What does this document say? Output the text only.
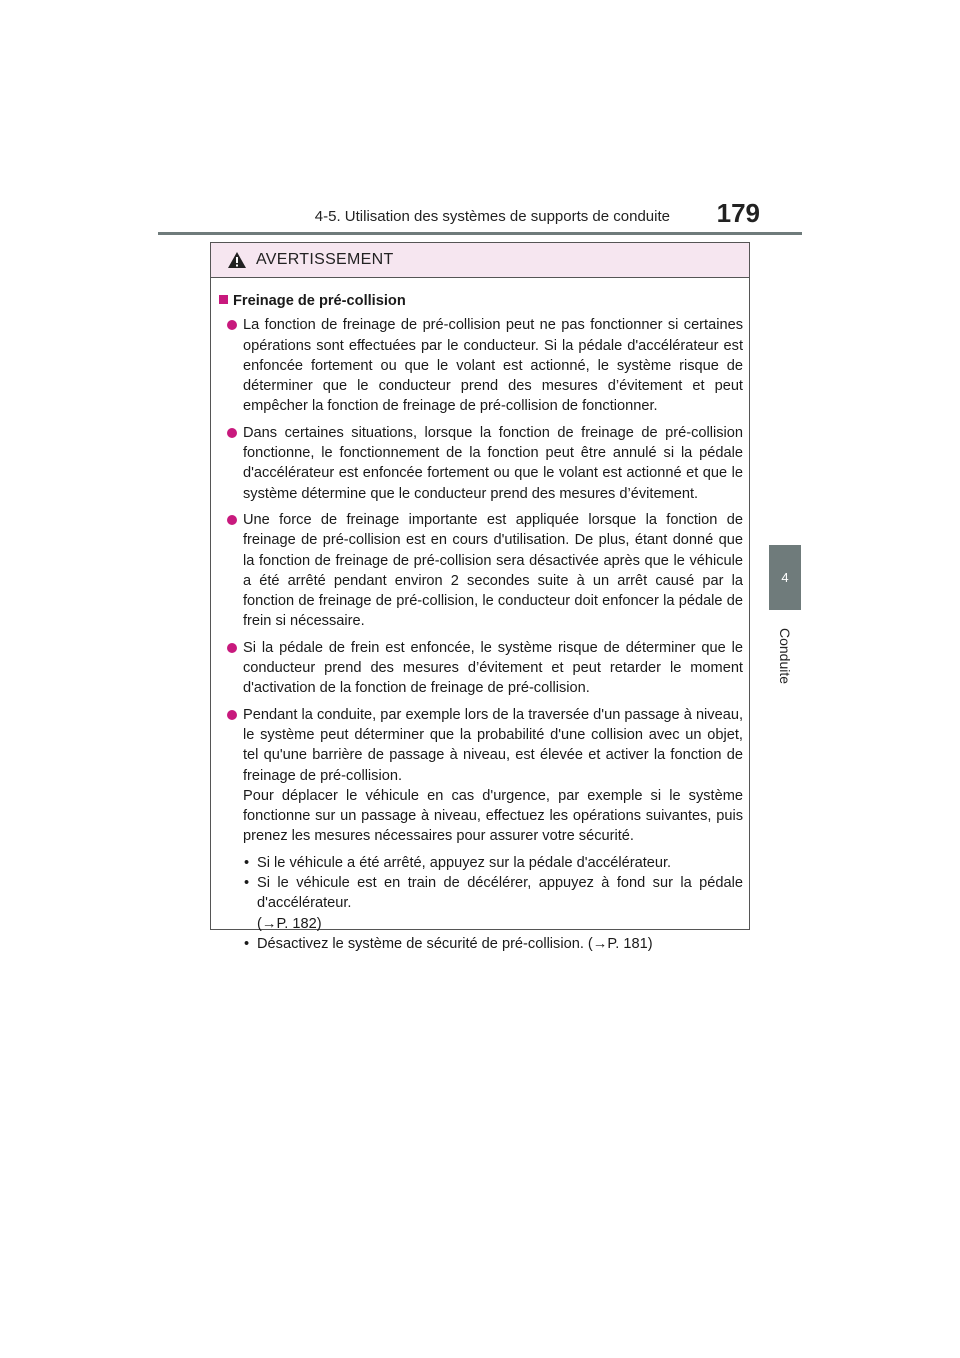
4-5. Utilisation des systèmes de supports de conduite	179
4
Conduite
AVERTISSEMENT
Freinage de pré-collision

La fonction de freinage de pré-collision peut ne pas fonctionner si certaines opérations sont effectuées par le conducteur. Si la pédale d'accélérateur est enfoncée fortement ou que le volant est actionné, le système risque de déterminer que le conducteur prend des mesures d’évitement et peut empêcher la fonction de freinage de pré-collision de fonctionner.

Dans certaines situations, lorsque la fonction de freinage de pré-collision fonctionne, le fonctionnement de la fonction peut être annulé si la pédale d'accélérateur est enfoncée fortement ou que le volant est actionné et que le système détermine que le conducteur prend des mesures d’évitement.

Une force de freinage importante est appliquée lorsque la fonction de freinage de pré-collision est en cours d'utilisation. De plus, étant donné que la fonction de freinage de pré-collision sera désactivée après que le véhicule a été arrêté pendant environ 2 secondes suite à un arrêt causé par la fonction de freinage de pré-collision, le conducteur doit enfoncer la pédale de frein si nécessaire.

Si la pédale de frein est enfoncée, le système risque de déterminer que le conducteur prend des mesures d’évitement et peut retarder le moment d'activation de la fonction de freinage de pré-collision.

Pendant la conduite, par exemple lors de la traversée d'un passage à niveau, le système peut déterminer que la probabilité d'une collision avec un objet, tel qu'une barrière de passage à niveau, est élevée et activer la fonction de freinage de pré-collision.

Pour déplacer le véhicule en cas d'urgence, par exemple si le système fonctionne sur un passage à niveau, effectuez les opérations suivantes, puis prenez les mesures nécessaires pour assurer votre sécurité.

• Si le véhicule a été arrêté, appuyez sur la pédale d'accélérateur.
• Si le véhicule est en train de décélérer, appuyez à fond sur la pédale d'accélérateur.
(→P. 182)
• Désactivez le système de sécurité de pré-collision. (→P. 181)
